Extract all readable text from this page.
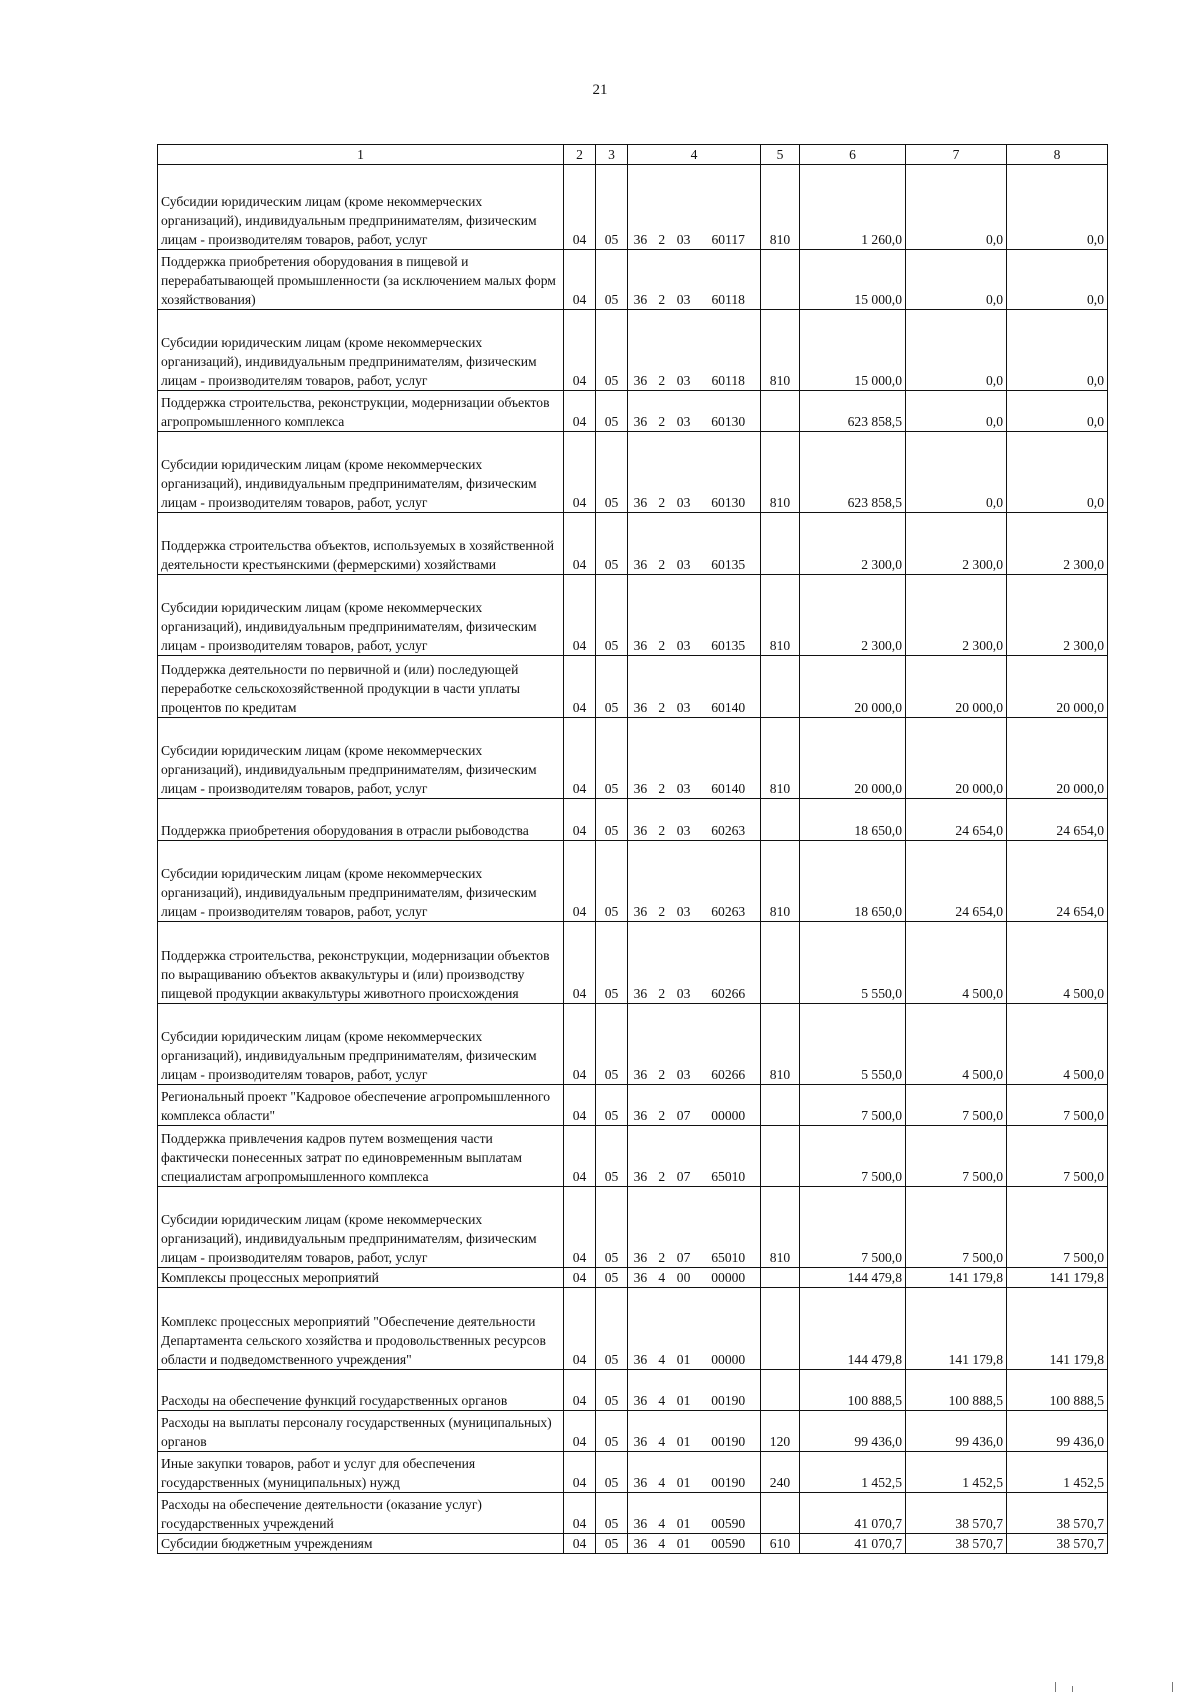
21
1	2	3	4	5	6	7	8
Субсидии юридическим лицам (кроме некоммерческих организаций), индивидуальным предпринимателям, физическим лицам - производителям товаров, работ, услуг	04	05	36 2 03 60117	810	1 260,0	0,0	0,0
Поддержка приобретения оборудования в пищевой и перерабатывающей промышленности (за исключением малых форм хозяйствования)	04	05	36 2 03 60118		15 000,0	0,0	0,0
Субсидии юридическим лицам (кроме некоммерческих организаций), индивидуальным предпринимателям, физическим лицам - производителям товаров, работ, услуг	04	05	36 2 03 60118	810	15 000,0	0,0	0,0
Поддержка строительства, реконструкции, модернизации объектов агропромышленного комплекса	04	05	36 2 03 60130		623 858,5	0,0	0,0
Субсидии юридическим лицам (кроме некоммерческих организаций), индивидуальным предпринимателям, физическим лицам - производителям товаров, работ, услуг	04	05	36 2 03 60130	810	623 858,5	0,0	0,0
Поддержка строительства объектов, используемых в хозяйственной деятельности крестьянскими (фермерскими) хозяйствами	04	05	36 2 03 60135		2 300,0	2 300,0	2 300,0
Субсидии юридическим лицам (кроме некоммерческих организаций), индивидуальным предпринимателям, физическим лицам - производителям товаров, работ, услуг	04	05	36 2 03 60135	810	2 300,0	2 300,0	2 300,0
Поддержка деятельности по первичной и (или) последующей переработке сельскохозяйственной продукции в части уплаты процентов по кредитам	04	05	36 2 03 60140		20 000,0	20 000,0	20 000,0
Субсидии юридическим лицам (кроме некоммерческих организаций), индивидуальным предпринимателям, физическим лицам - производителям товаров, работ, услуг	04	05	36 2 03 60140	810	20 000,0	20 000,0	20 000,0
Поддержка приобретения оборудования в отрасли рыбоводства	04	05	36 2 03 60263		18 650,0	24 654,0	24 654,0
Субсидии юридическим лицам (кроме некоммерческих организаций), индивидуальным предпринимателям, физическим лицам - производителям товаров, работ, услуг	04	05	36 2 03 60263	810	18 650,0	24 654,0	24 654,0
Поддержка строительства, реконструкции, модернизации объектов по выращиванию объектов аквакультуры и (или) производству пищевой продукции аквакультуры животного происхождения	04	05	36 2 03 60266		5 550,0	4 500,0	4 500,0
Субсидии юридическим лицам (кроме некоммерческих организаций), индивидуальным предпринимателям, физическим лицам - производителям товаров, работ, услуг	04	05	36 2 03 60266	810	5 550,0	4 500,0	4 500,0
Региональный проект "Кадровое обеспечение агропромышленного комплекса области"	04	05	36 2 07 00000		7 500,0	7 500,0	7 500,0
Поддержка привлечения кадров путем возмещения части фактически понесенных затрат по единовременным выплатам специалистам агропромышленного комплекса	04	05	36 2 07 65010		7 500,0	7 500,0	7 500,0
Субсидии юридическим лицам (кроме некоммерческих организаций), индивидуальным предпринимателям, физическим лицам - производителям товаров, работ, услуг	04	05	36 2 07 65010	810	7 500,0	7 500,0	7 500,0
Комплексы процессных мероприятий	04	05	36 4 00 00000		144 479,8	141 179,8	141 179,8
Комплекс процессных мероприятий "Обеспечение деятельности Департамента сельского хозяйства и продовольственных ресурсов области и подведомственного учреждения"	04	05	36 4 01 00000		144 479,8	141 179,8	141 179,8
Расходы на обеспечение функций государственных органов	04	05	36 4 01 00190		100 888,5	100 888,5	100 888,5
Расходы на выплаты персоналу государственных (муниципальных) органов	04	05	36 4 01 00190	120	99 436,0	99 436,0	99 436,0
Иные закупки товаров, работ и услуг для обеспечения государственных (муниципальных) нужд	04	05	36 4 01 00190	240	1 452,5	1 452,5	1 452,5
Расходы на обеспечение деятельности (оказание услуг) государственных учреждений	04	05	36 4 01 00590		41 070,7	38 570,7	38 570,7
Субсидии бюджетным учреждениям	04	05	36 4 01 00590	610	41 070,7	38 570,7	38 570,7
